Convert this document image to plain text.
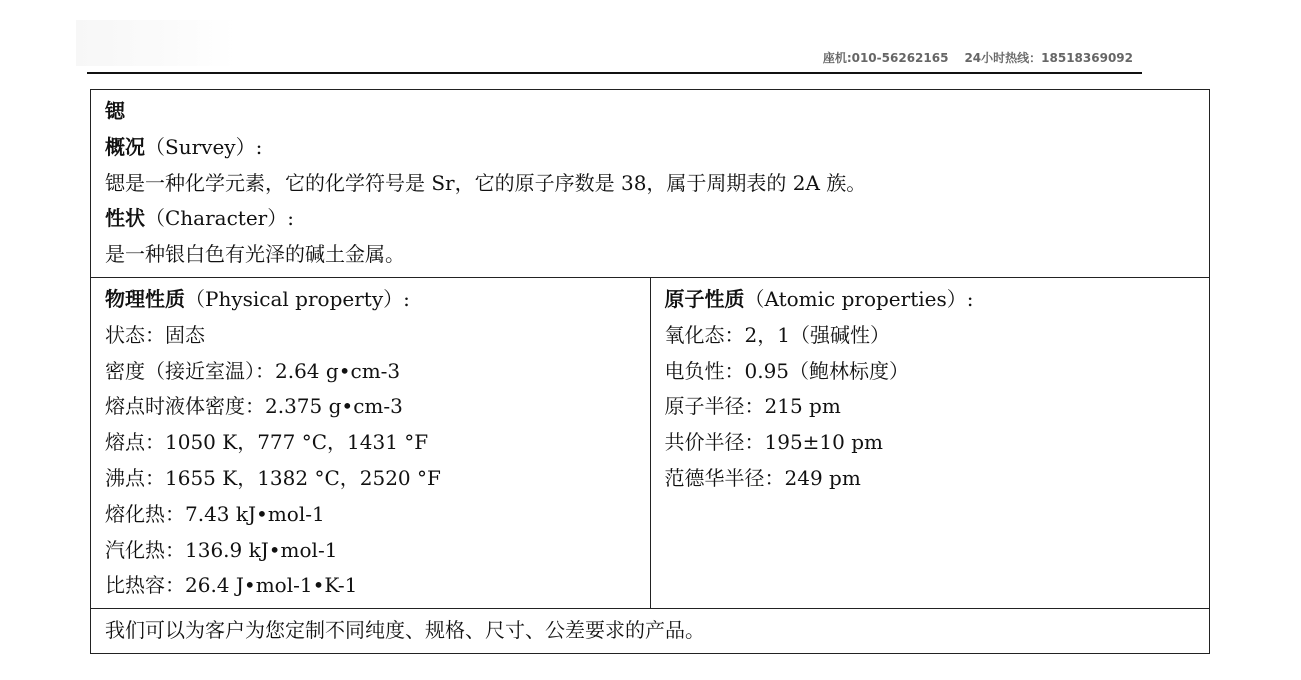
座机:010-56262165 24小时热线：18518369092
锶
概况（Survey）:
锶是一种化学元素，它的化学符号是 Sr，它的原子序数是 38，属于周期表的 2A 族。
性状（Character）:
是一种银白色有光泽的碱土金属。

物理性质（Physical property）:
状态：固态
密度（接近室温）：2.64 g•cm-3
熔点时液体密度：2.375 g•cm-3
熔点：1050 K，777 °C，1431 °F
沸点：1655 K，1382 °C，2520 °F
熔化热：7.43 kJ•mol-1
汽化热：136.9 kJ•mol-1
比热容：26.4 J•mol-1•K-1

原子性质（Atomic properties）:
氧化态：2，1（强碱性）
电负性：0.95（鲍林标度）
原子半径：215 pm
共价半径：195±10 pm
范德华半径：249 pm

我们可以为客户为您定制不同纯度、规格、尺寸、公差要求的产品。
